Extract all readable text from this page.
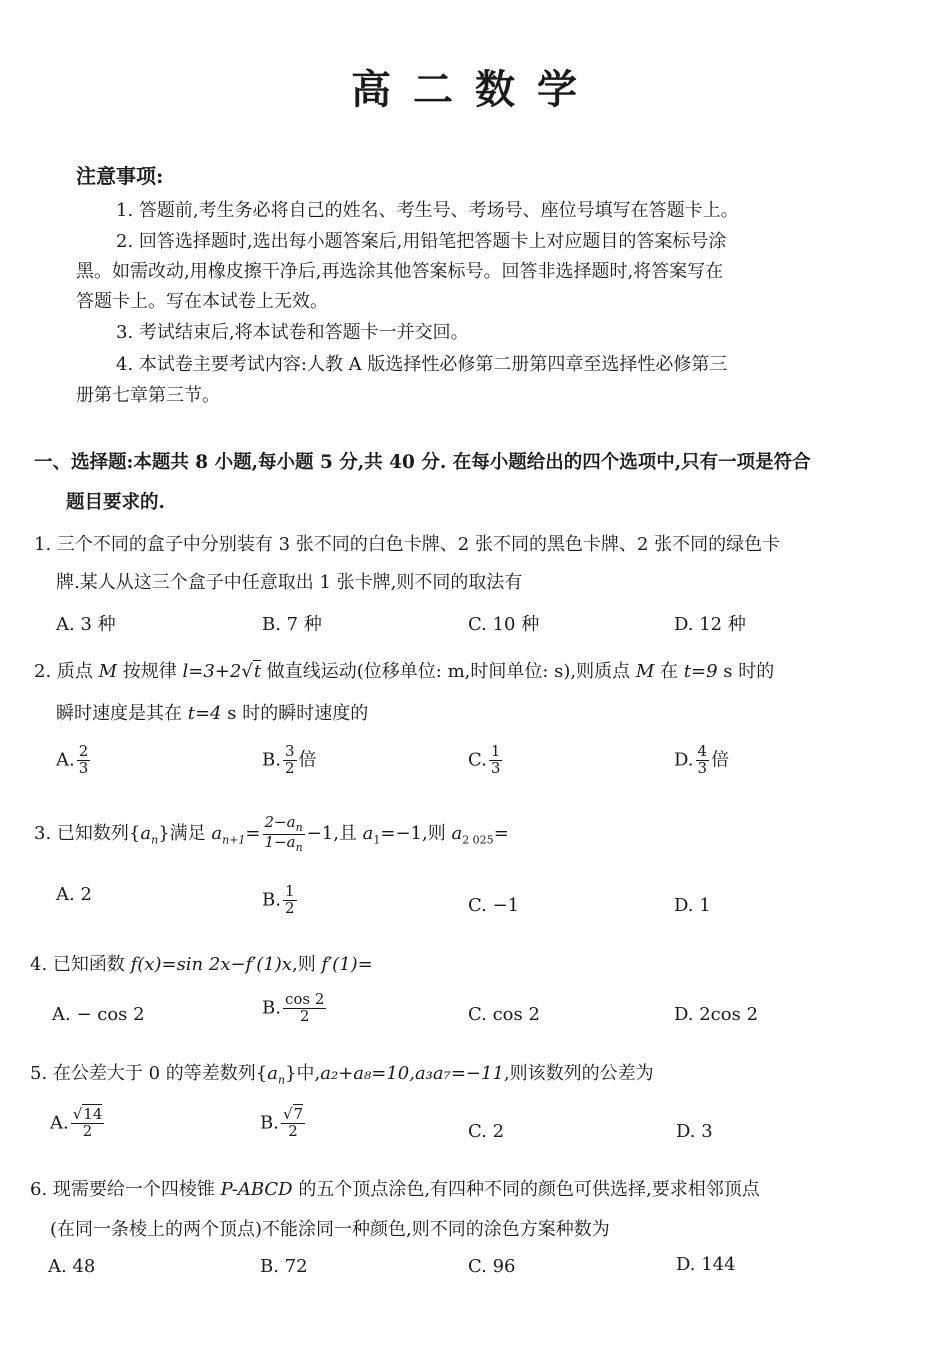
高二数学
注意事项:
1. 答题前,考生务必将自己的姓名、考生号、考场号、座位号填写在答题卡上。
2. 回答选择题时,选出每小题答案后,用铅笔把答题卡上对应题目的答案标号涂
黑。如需改动,用橡皮擦干净后,再选涂其他答案标号。回答非选择题时,将答案写在
答题卡上。写在本试卷上无效。
3. 考试结束后,将本试卷和答题卡一并交回。
4. 本试卷主要考试内容:人教 A 版选择性必修第二册第四章至选择性必修第三
册第七章第三节。
一、选择题:本题共 8 小题,每小题 5 分,共 40 分. 在每小题给出的四个选项中,只有一项是符合
题目要求的.
1. 三个不同的盒子中分别装有 3 张不同的白色卡牌、2 张不同的黑色卡牌、2 张不同的绿色卡
牌.某人从这三个盒子中任意取出 1 张卡牌,则不同的取法有
A. 3 种	B. 7 种	C. 10 种	D. 12 种
2. 质点 M 按规律 l=3+2√t 做直线运动(位移单位: m,时间单位: s),则质点 M 在 t=9 s 时的
瞬时速度是其在 t=4 s 时的瞬时速度的
A. $\frac{2}{3}$	B. $\frac{3}{2}$ 倍	C. $\frac{1}{3}$	D. $\frac{4}{3}$ 倍
3. 已知数列$\{a_n\}$满足 $a_{n+1}= \frac{2-a_n}{1-a_n} -1$,且 $a_1=-1$,则 $a_{2 025}=$
A. 2	B. $\frac{1}{2}$	C. −1	D. 1
4. 已知函数 f(x)=sin 2x−f′(1)x,则 f′(1)=
A. − cos 2	B. $\frac{\cos 2}{2}$	C. cos 2	D. 2cos 2
5. 在公差大于 0 的等差数列$\{a_n\}$中,a₂+a₈=10,a₃a₇=−11,则该数列的公差为
A. $\frac{√14}{2}$	B. $\frac{√7}{2}$	C. 2	D. 3
6. 现需要给一个四棱锥 P-ABCD 的五个顶点涂色,有四种不同的颜色可供选择,要求相邻顶点
(在同一条棱上的两个顶点)不能涂同一种颜色,则不同的涂色方案种数为
A. 48	B. 72	C. 96	D. 144
